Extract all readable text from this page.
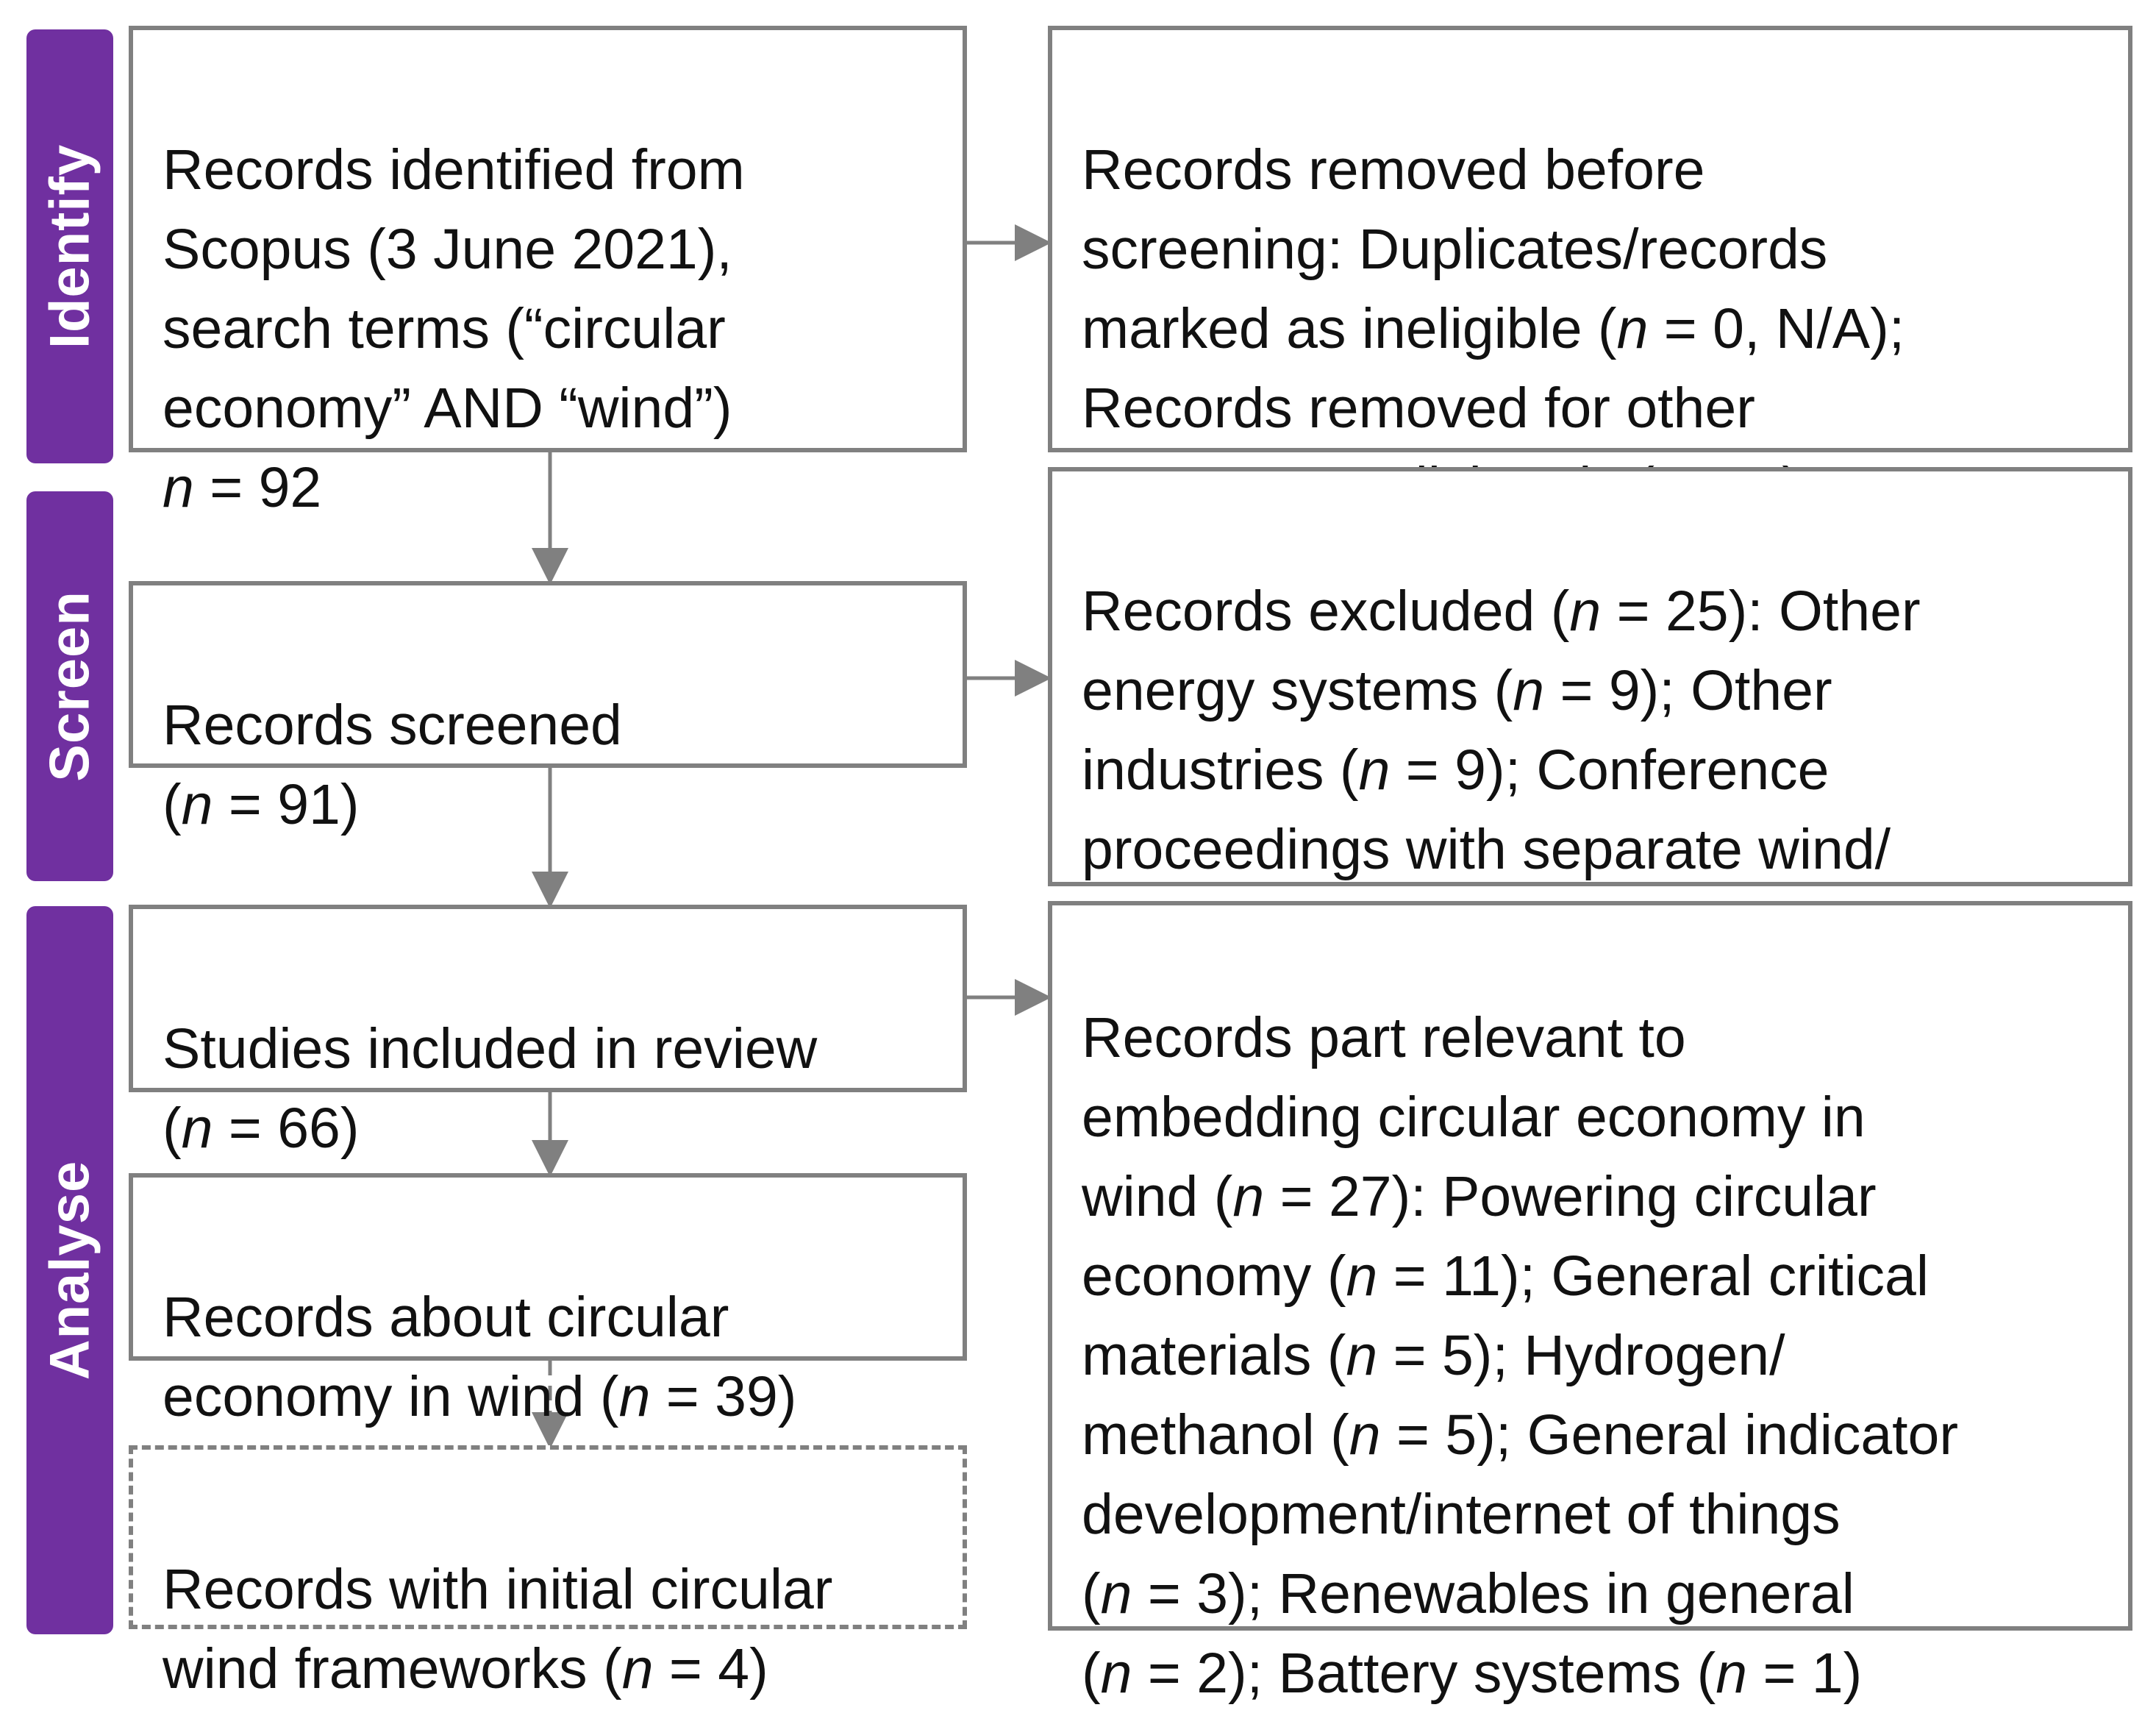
Identify
Screen
Analyse

Records identified from
Scopus (3 June 2021),
search terms (“circular
economy” AND “wind”)
n = 92

Records screened
(n = 91)

Studies included in review
(n = 66)

Records about circular
economy in wind (n = 39)

Records with initial circular
wind frameworks (n = 4)

Records removed before
screening: Duplicates/records
marked as ineligible (n = 0, N/A);
Records removed for other

Records excluded (n = 25): Other
energy systems (n = 9); Other
industries (n = 9); Conference
proceedings with separate wind/

Records part relevant to
embedding circular economy in
wind (n = 27): Powering circular
economy (n = 11); General critical
materials (n = 5); Hydrogen/
methanol (n = 5); General indicator
development/internet of things
(n = 3); Renewables in general
(n = 2); Battery systems (n = 1)
